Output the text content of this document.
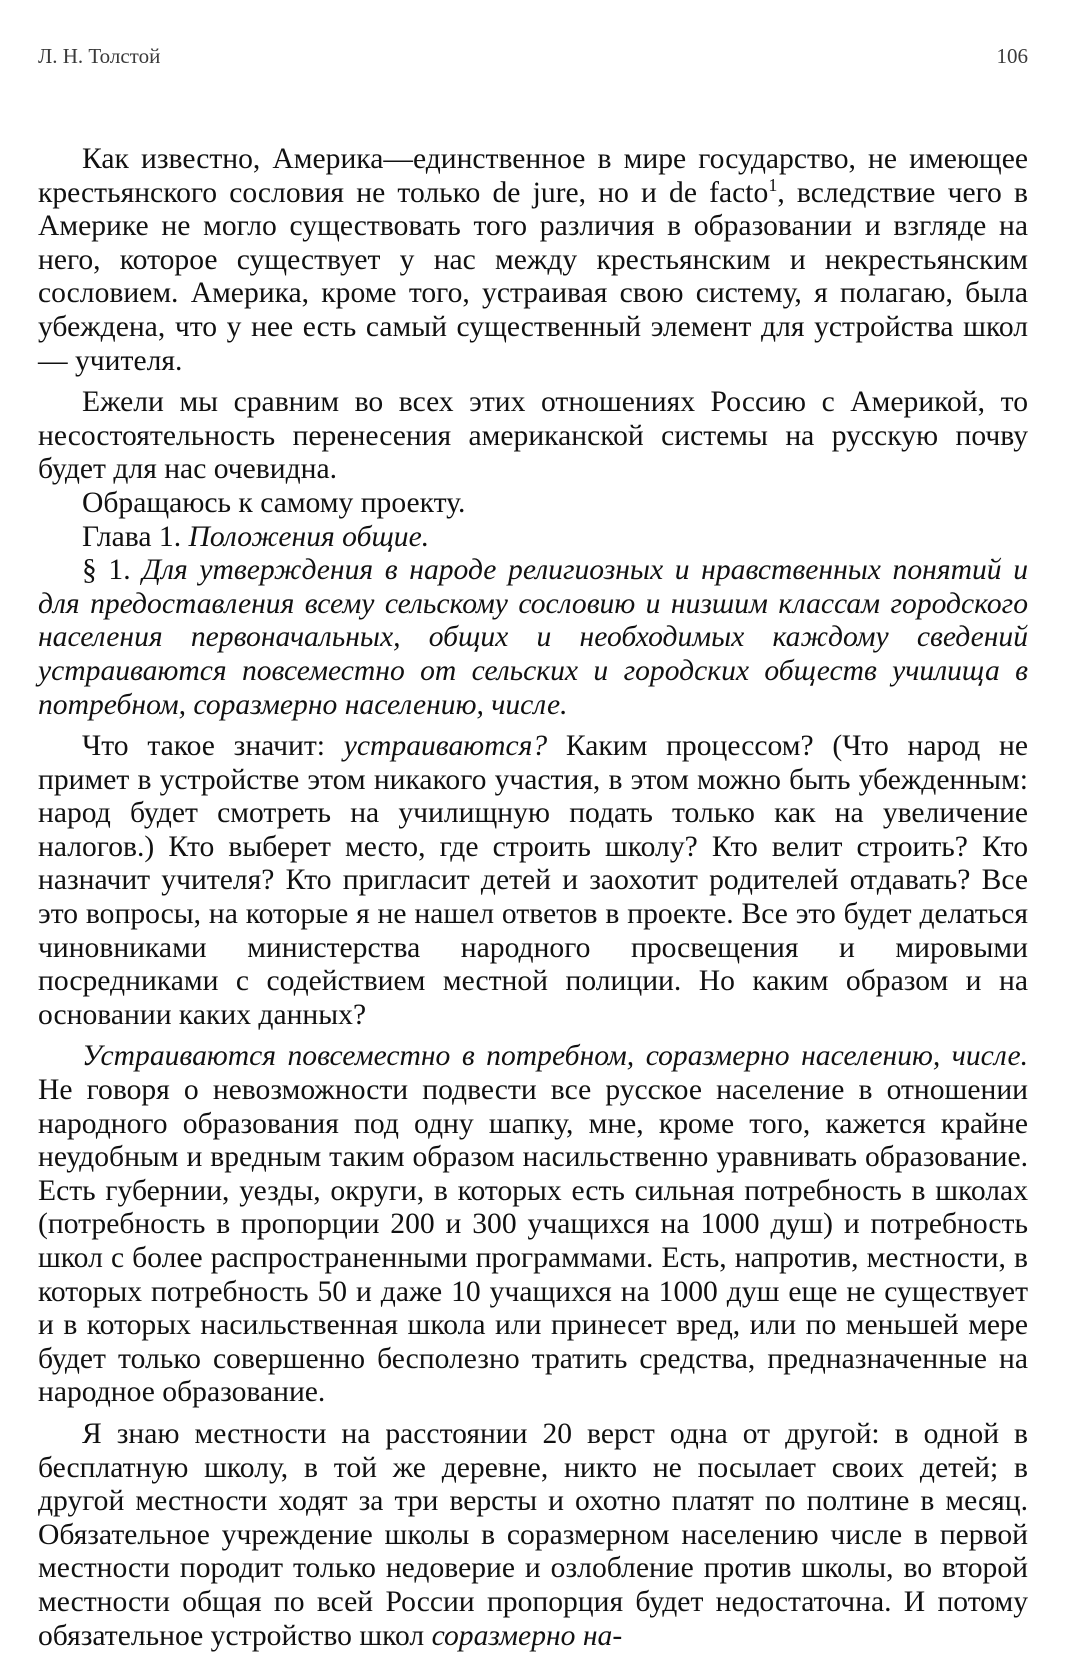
Л. Н. Толстой	106

Как известно, Америка—единственное в мире государство, не имеющее крестьянского сословия не только de jure, но и de facto$^1$, вследствие чего в Америке не могло существовать того различия в образовании и взгляде на него, которое существует у нас между крестьянским и некрестьянским сословием. Америка, кроме того, устраивая свою систему, я полагаю, была убеждена, что у нее есть самый существенный элемент для устройства школ — учителя.

Ежели мы сравним во всех этих отношениях Россию с Америкой, то несостоятельность перенесения американской системы на русскую почву будет для нас очевидна.

Обращаюсь к самому проекту.

Глава 1. Положения общие.

§ 1. Для утверждения в народе религиозных и нравственных понятий и для предоставления всему сельскому сословию и низшим классам городского населения первоначальных, общих и необходимых каждому сведений устраиваются повсеместно от сельских и городских обществ училища в потребном, соразмерно населению, числе.

Что такое значит: устраиваются? Каким процессом? (Что народ не примет в устройстве этом никакого участия, в этом можно быть убежденным: народ будет смотреть на училищную подать только как на увеличение налогов.) Кто выберет место, где строить школу? Кто велит строить? Кто назначит учителя? Кто пригласит детей и заохотит родителей отдавать? Все это вопросы, на которые я не нашел ответов в проекте. Все это будет делаться чиновниками министерства народного просвещения и мировыми посредниками с содействием местной полиции. Но каким образом и на основании каких данных?

Устраиваются повсеместно в потребном, соразмерно населению, числе. Не говоря о невозможности подвести все русское население в отношении народного образования под одну шапку, мне, кроме того, кажется крайне неудобным и вредным таким образом насильственно уравнивать образование. Есть губернии, уезды, округи, в которых есть сильная потребность в школах (потребность в пропорции 200 и 300 учащихся на 1000 душ) и потребность школ с более распространенными программами. Есть, напротив, местности, в которых потребность 50 и даже 10 учащихся на 1000 душ еще не существует и в которых насильственная школа или принесет вред, или по меньшей мере будет только совершенно бесполезно тратить средства, предназначенные на народное образование.

Я знаю местности на расстоянии 20 верст одна от другой: в одной в бесплатную школу, в той же деревне, никто не посылает своих детей; в другой местности ходят за три версты и охотно платят по полтине в месяц. Обязательное учреждение школы в соразмерном населению числе в первой местности породит только недоверие и озлобление против школы, во второй местности общая по всей России пропорция будет недостаточна. И потому обязательное устройство школ соразмерно на-
